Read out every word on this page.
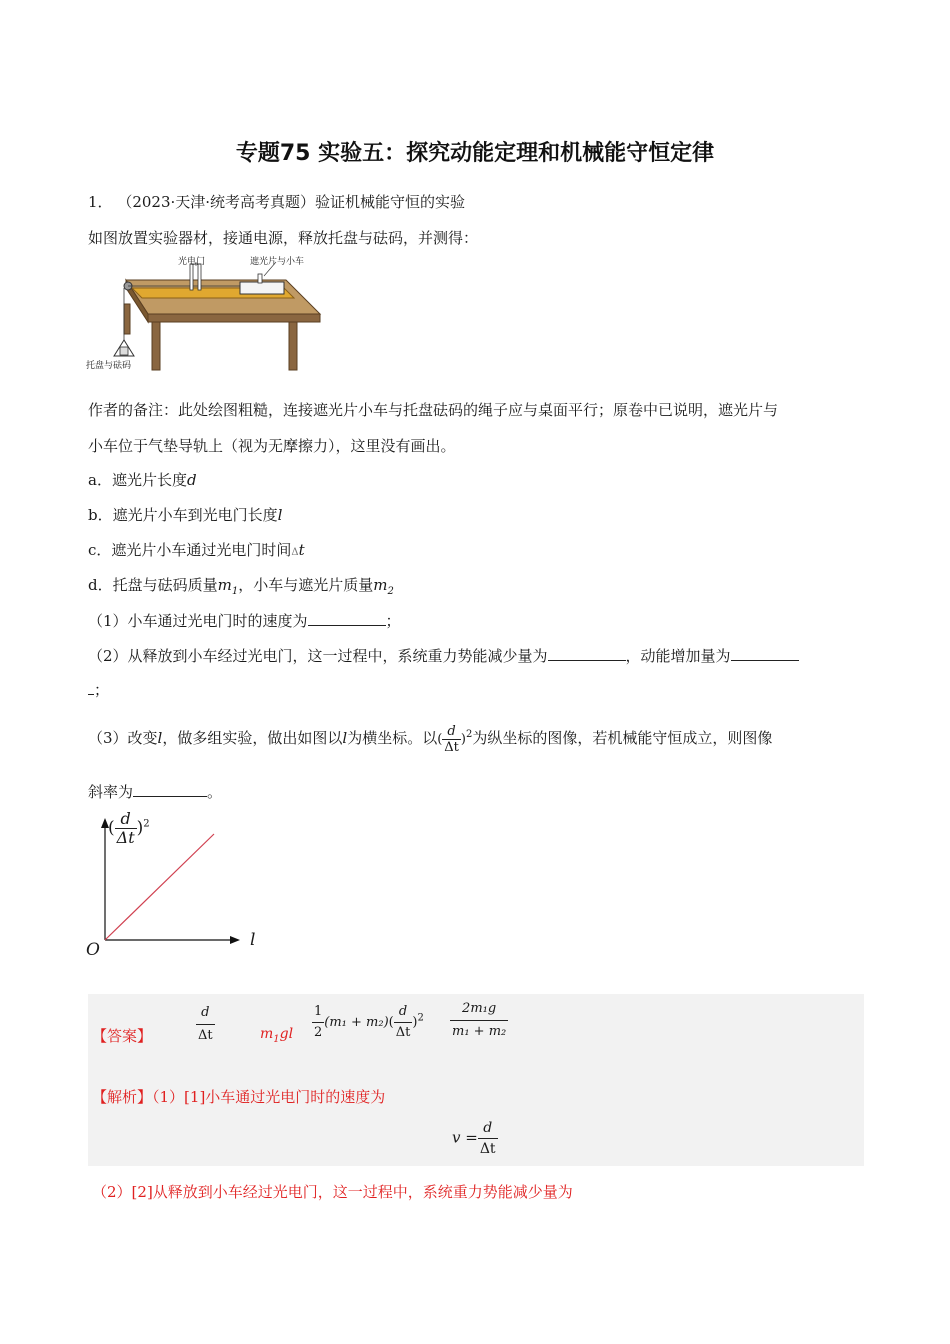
专题75 实验五：探究动能定理和机械能守恒定律
1． （2023·天津·统考高考真题）验证机械能守恒的实验
如图放置实验器材，接通电源，释放托盘与砝码，并测得：
光电门	遮光片与小车
托盘与砝码
作者的备注：此处绘图粗糙，连接遮光片小车与托盘砝码的绳子应与桌面平行；原卷中已说明，遮光片与
小车位于气垫导轨上（视为无摩擦力），这里没有画出。
a．遮光片长度d
b．遮光片小车到光电门长度l
c．遮光片小车通过光电门时间Δt
d．托盘与砝码质量$m_1$，小车与遮光片质量$m_2$
（1）小车通过光电门时的速度为	；
（2）从释放到小车经过光电门，这一过程中，系统重力势能减少量为	，动能增加量为
；
（3）改变l，做多组实验，做出如图以l为横坐标。以( $\frac{d}{\Delta t} )^2$为纵坐标的图像，若机械能守恒成立，则图像
斜率为	。
O	l
( $\frac{d}{\Delta t} )^2$
【答案】	$\frac{d}{\Delta t}$	$m_1gl \frac{1}{2} (m_1 + m_2)( \frac{d}{\Delta t} )^2 \frac{\text{2m₁g}}{\text{m₁ + m₂}}$
【解析】（1）[1]小车通过光电门时的速度为
$v = \frac{d}{\Delta t}$
（2）[2]从释放到小车经过光电门，这一过程中，系统重力势能减少量为
